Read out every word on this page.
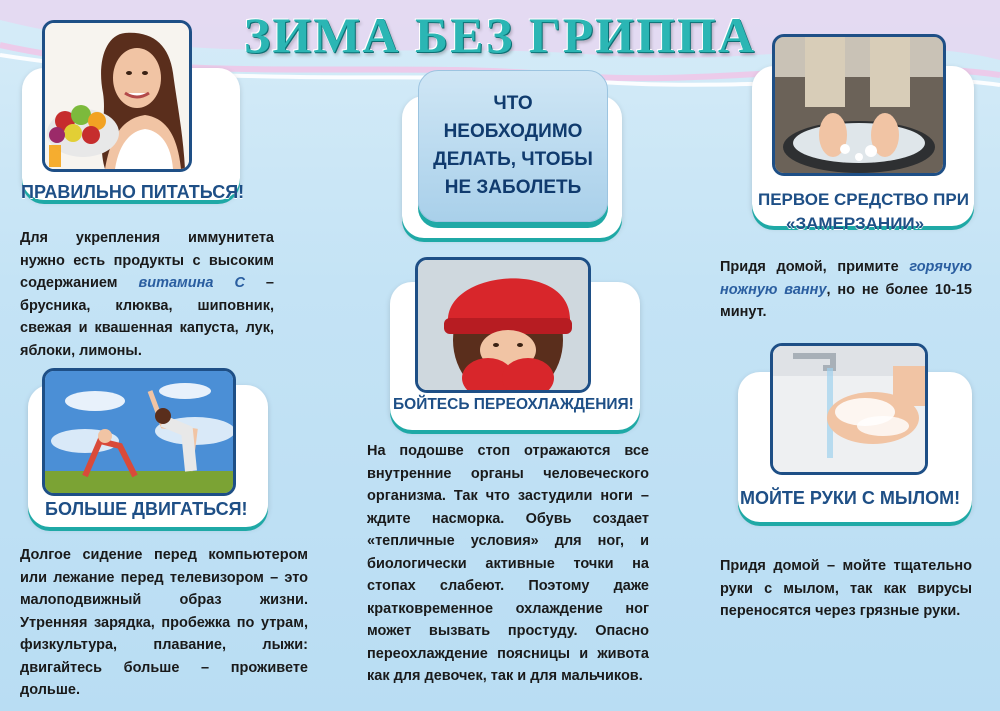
ЗИМА БЕЗ ГРИППА
ПРАВИЛЬНО ПИТАТЬСЯ!
Для укрепления иммунитета нужно есть продукты с высоким содержанием витамина С – брусника, клюква, шиповник, свежая и квашенная капуста, лук, яблоки, лимоны.
БОЛЬШЕ ДВИГАТЬСЯ!
Долгое сидение перед компьютером или лежание перед телевизором – это малоподвижный образ жизни. Утренняя зарядка, пробежка по утрам, физкультура, плавание, лыжи: двигайтесь больше – проживете дольше.
ЧТО
НЕОБХОДИМО
ДЕЛАТЬ, ЧТОБЫ
НЕ ЗАБОЛЕТЬ
БОЙТЕСЬ ПЕРЕОХЛАЖДЕНИЯ!
На подошве стоп отражаются все внутренние органы человеческого организма. Так что застудили ноги – ждите насморка. Обувь создает «тепличные условия» для ног, и биологически активные точки на стопах слабеют. Поэтому даже кратковременное охлаждение ног может вызвать простуду. Опасно переохлаждение поясницы и живота как для девочек, так и для мальчиков.
ПЕРВОЕ СРЕДСТВО ПРИ
«ЗАМЕРЗАНИИ»
Придя домой, примите горячую ножную ванну, но не более 10-15 минут.
МОЙТЕ РУКИ С МЫЛОМ!
Придя домой – мойте тщательно руки с мылом, так как вирусы переносятся через грязные руки.
